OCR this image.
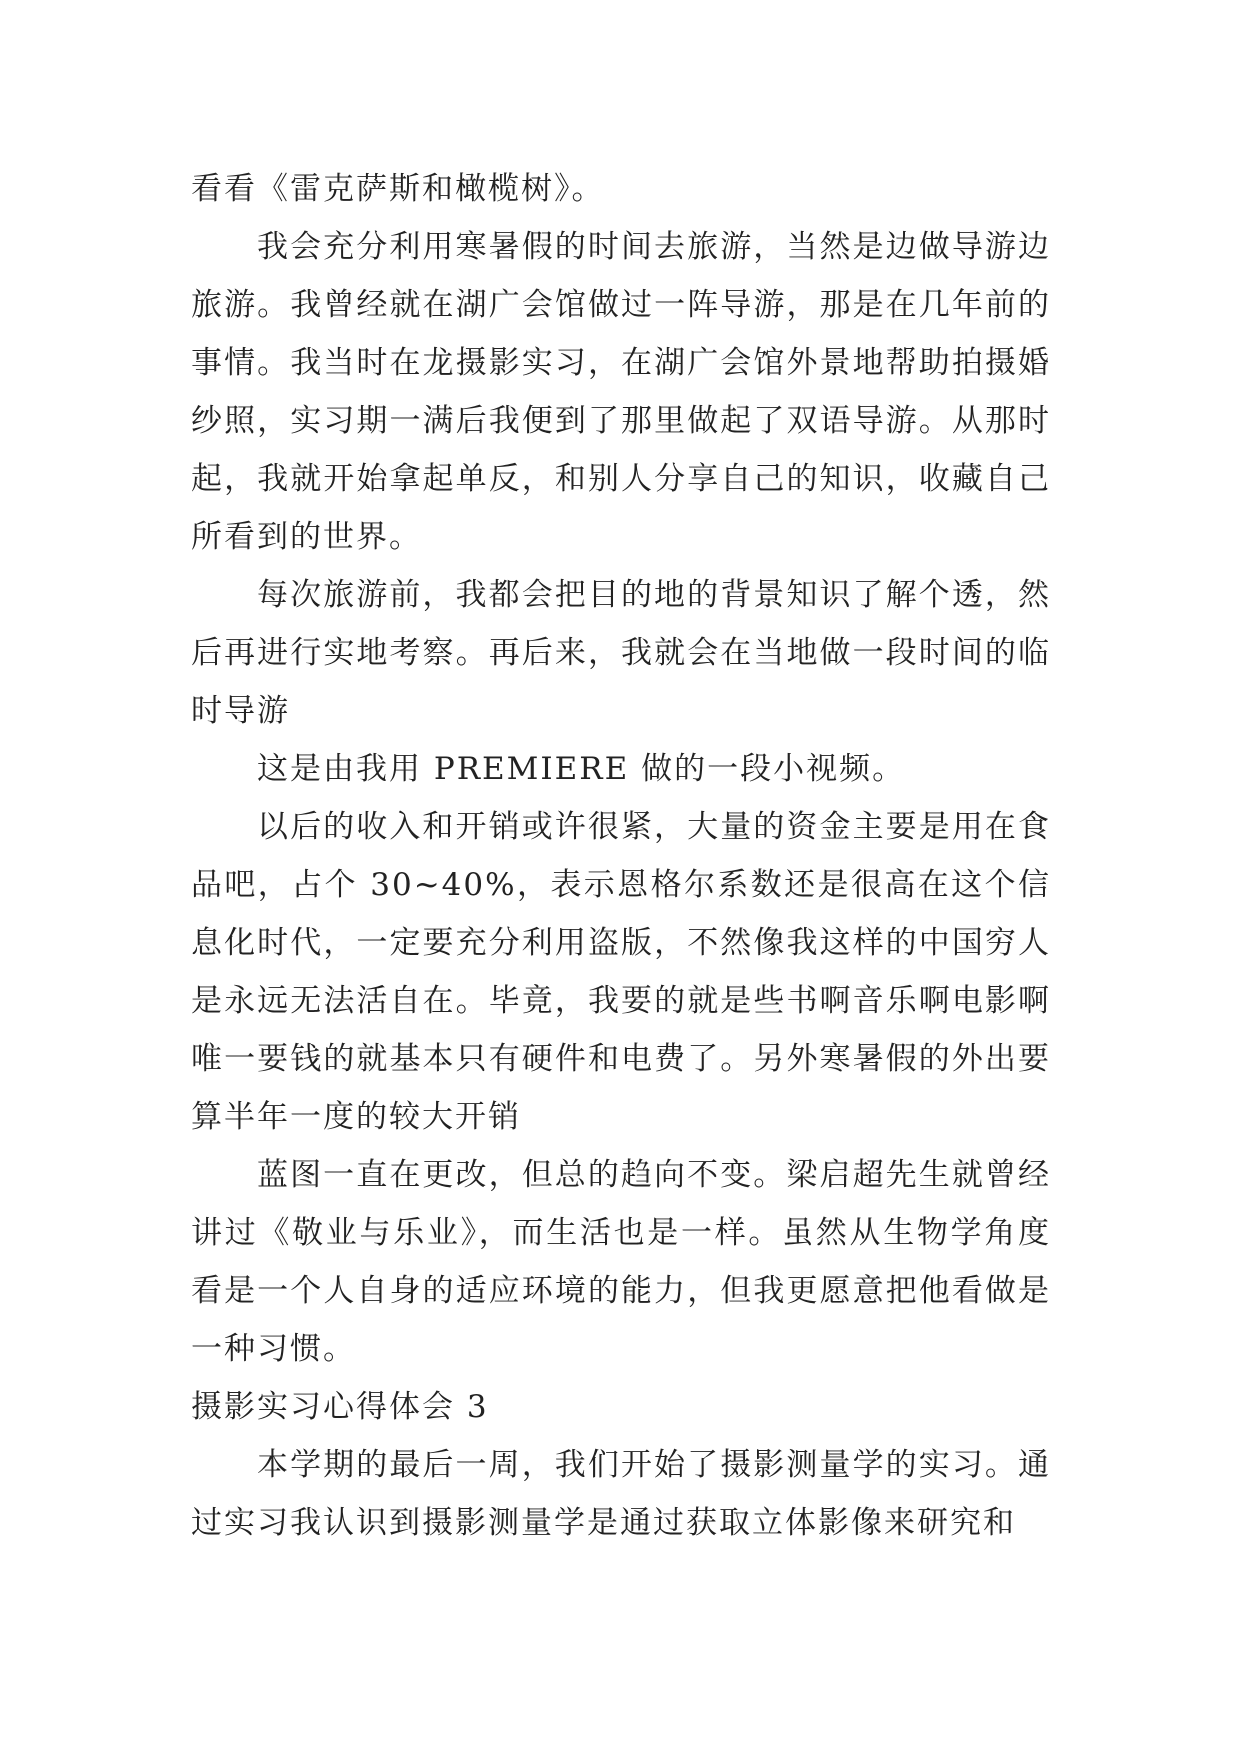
看看《雷克萨斯和橄榄树》。

我会充分利用寒暑假的时间去旅游，当然是边做导游边旅游。我曾经就在湖广会馆做过一阵导游，那是在几年前的事情。我当时在龙摄影实习，在湖广会馆外景地帮助拍摄婚纱照，实习期一满后我便到了那里做起了双语导游。从那时起，我就开始拿起单反，和别人分享自己的知识，收藏自己所看到的世界。

每次旅游前，我都会把目的地的背景知识了解个透，然后再进行实地考察。再后来，我就会在当地做一段时间的临时导游

这是由我用 PREMIERE 做的一段小视频。

以后的收入和开销或许很紧，大量的资金主要是用在食品吧，占个 30~40%，表示恩格尔系数还是很高在这个信息化时代，一定要充分利用盗版，不然像我这样的中国穷人是永远无法活自在。毕竟，我要的就是些书啊音乐啊电影啊唯一要钱的就基本只有硬件和电费了。另外寒暑假的外出要算半年一度的较大开销

蓝图一直在更改，但总的趋向不变。梁启超先生就曾经讲过《敬业与乐业》，而生活也是一样。虽然从生物学角度看是一个人自身的适应环境的能力，但我更愿意把他看做是一种习惯。

摄影实习心得体会 3

本学期的最后一周，我们开始了摄影测量学的实习。通过实习我认识到摄影测量学是通过获取立体影像来研究和
